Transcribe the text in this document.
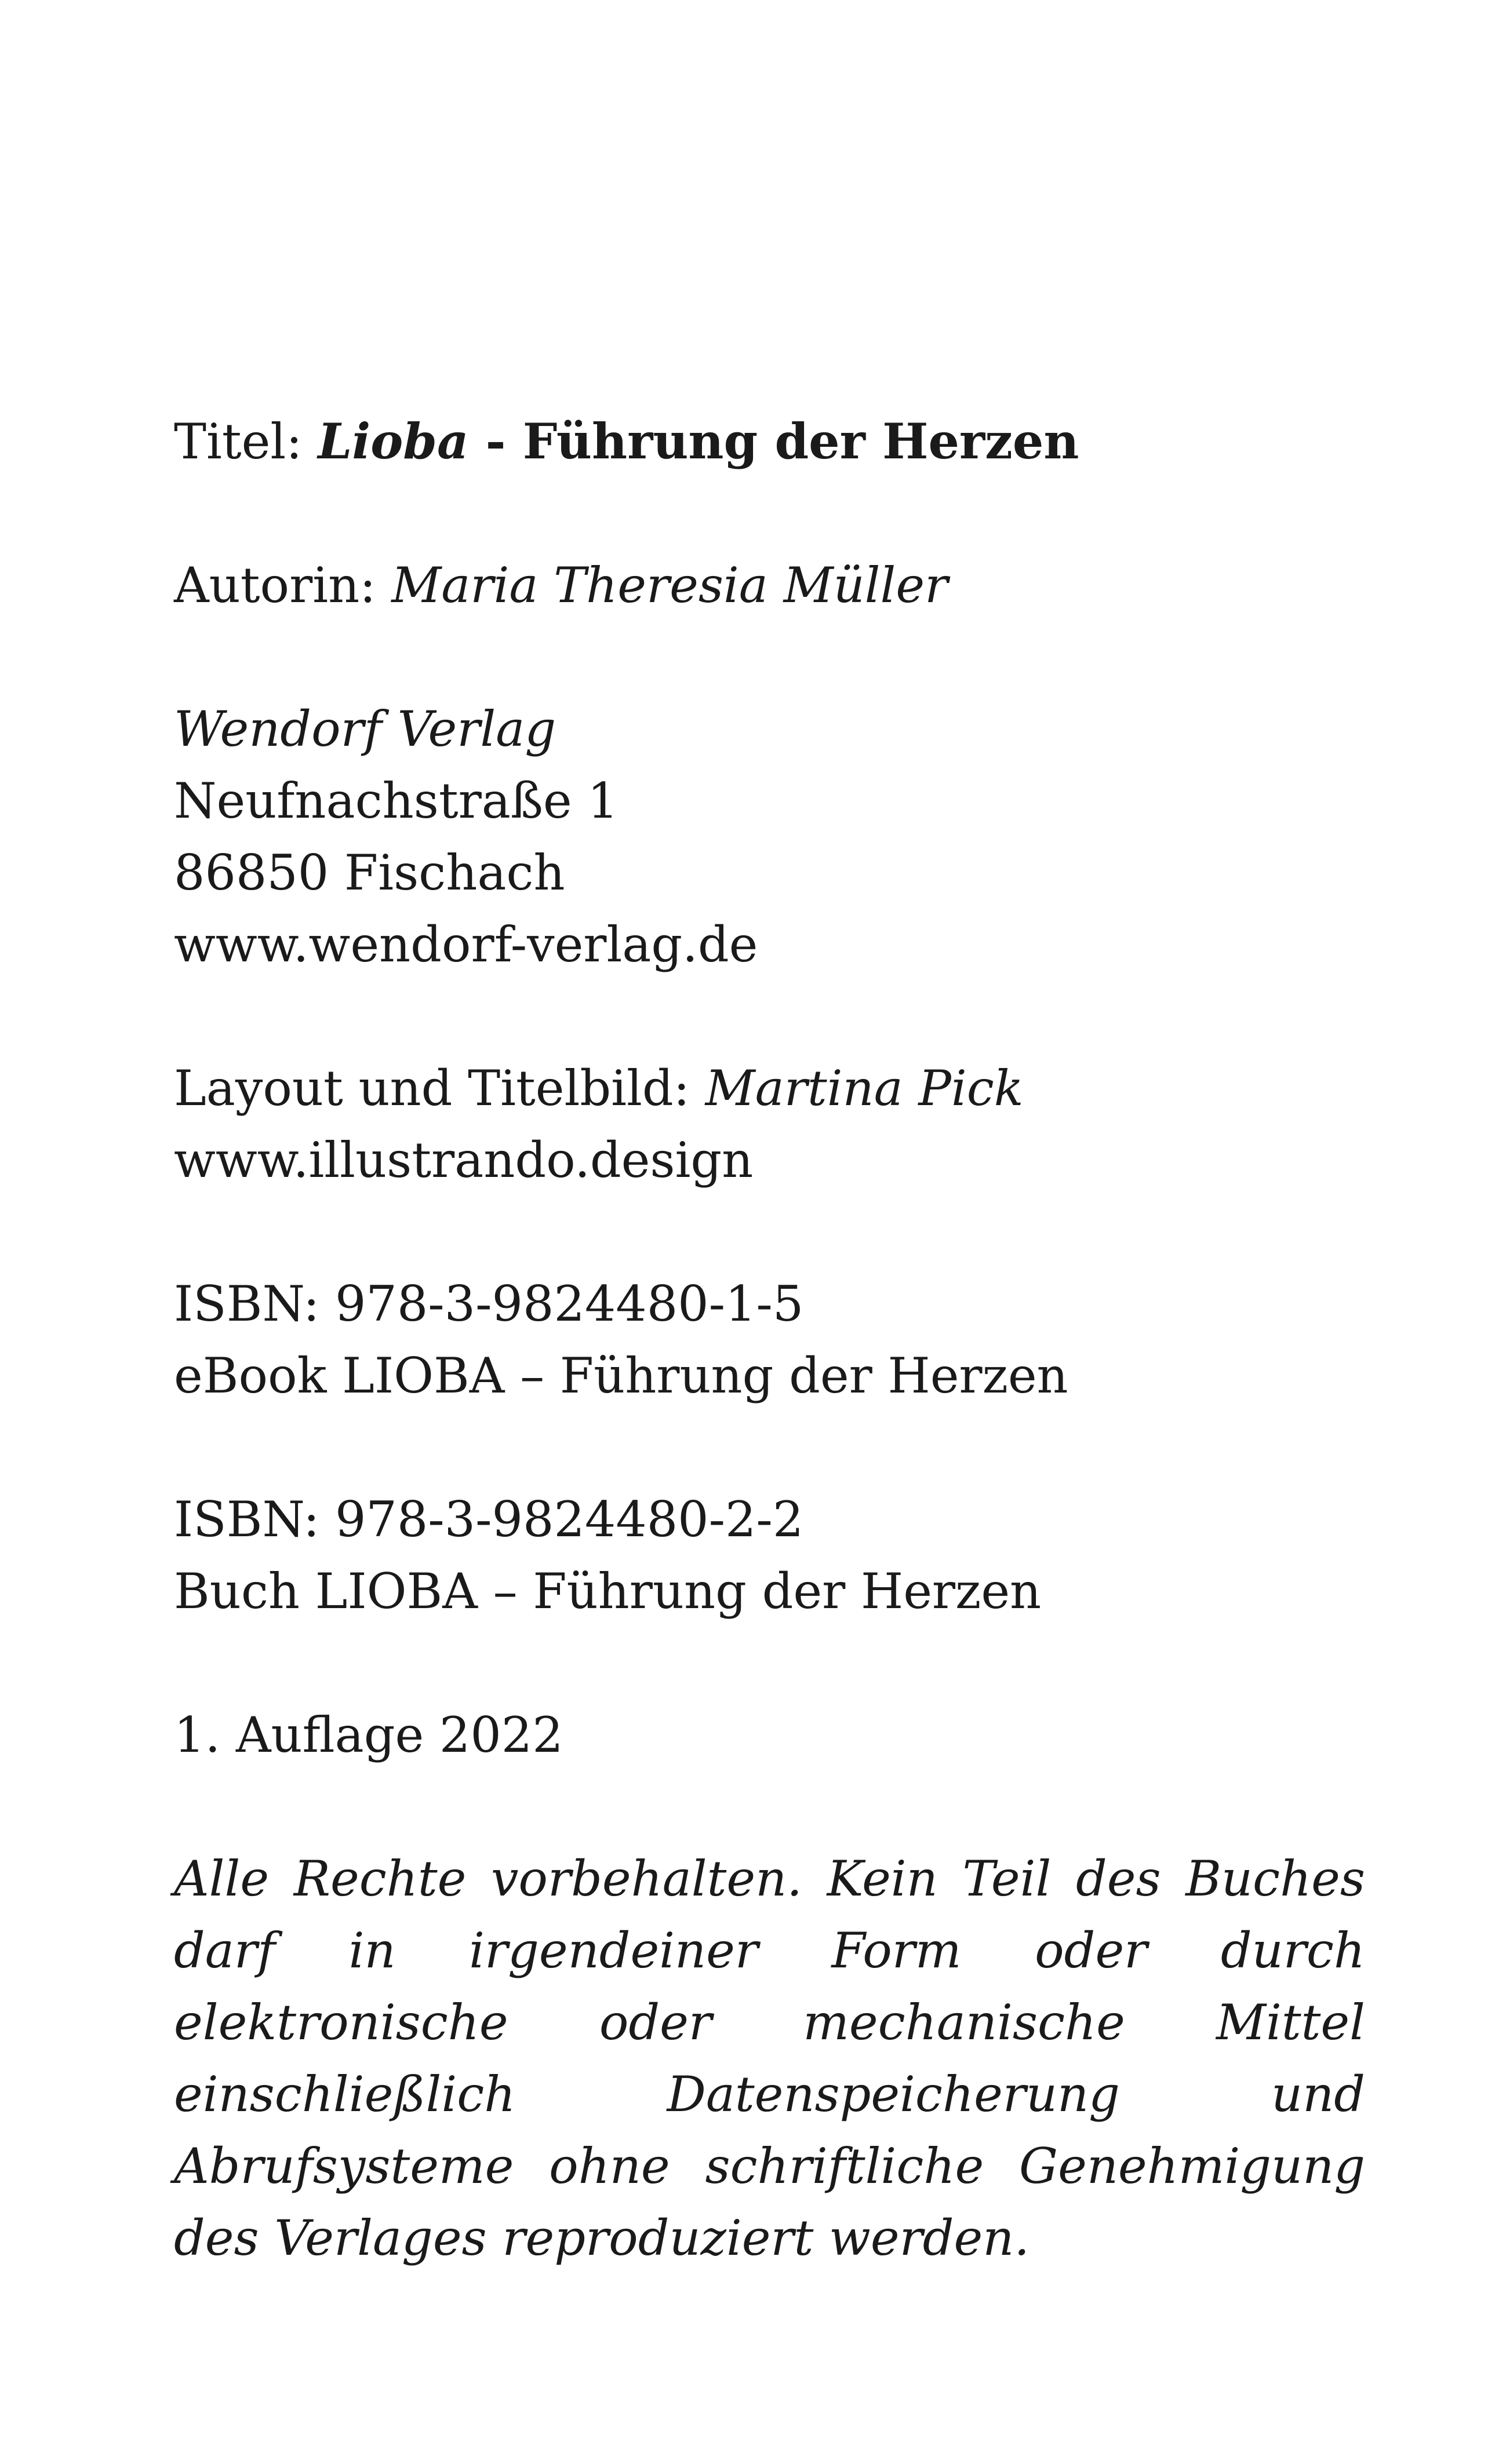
Titel: Lioba - Führung der Herzen
Autorin: Maria Theresia Müller
Wendorf Verlag
Neufnachstraße 1
86850 Fischach
www.wendorf-verlag.de
Layout und Titelbild: Martina Pick
www.illustrando.design
ISBN: 978-3-9824480-1-5
eBook LIOBA – Führung der Herzen
ISBN: 978-3-9824480-2-2
Buch LIOBA – Führung der Herzen
1. Auflage 2022
Alle Rechte vorbehalten. Kein Teil des Buches darf in irgendeiner Form oder durch elektronische oder mechanische Mittel einschließlich Datenspeicherung und Abrufsysteme ohne schriftliche Genehmigung des Verlages reproduziert werden.
